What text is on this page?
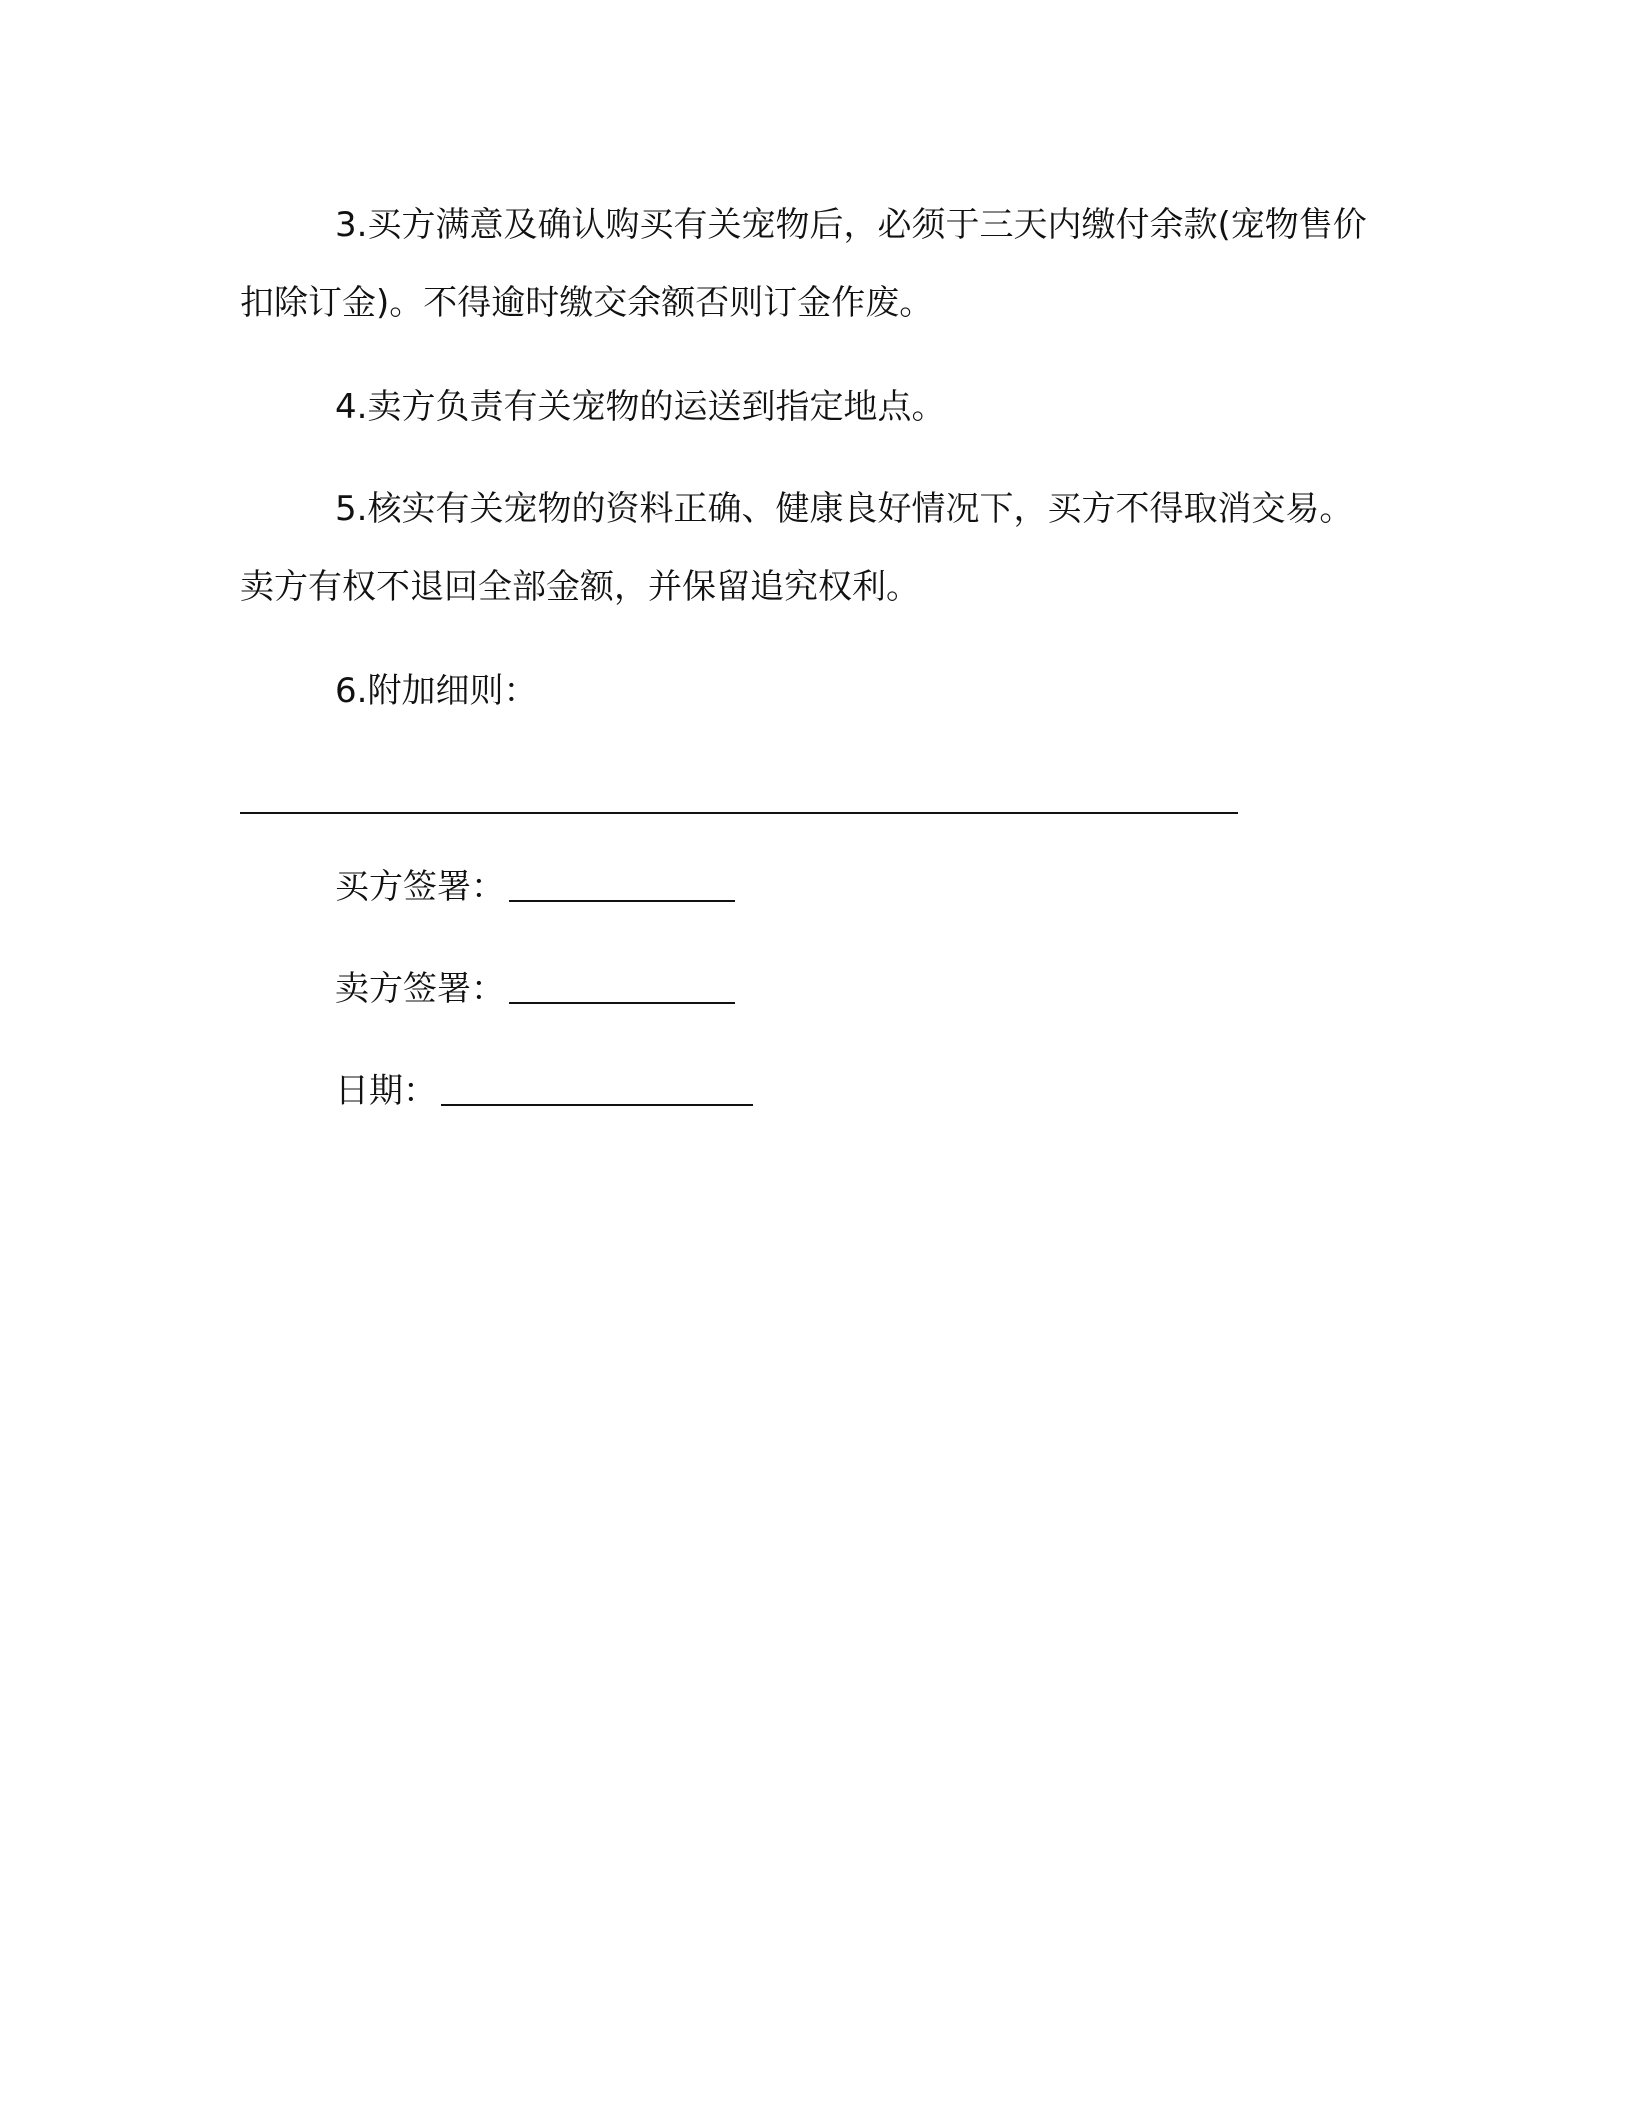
3.买方满意及确认购买有关宠物后，必须于三天内缴付余款(宠物售价扣除订金)。不得逾时缴交余额否则订金作废。

4.卖方负责有关宠物的运送到指定地点。

5.核实有关宠物的资料正确、健康良好情况下，买方不得取消交易。卖方有权不退回全部金额，并保留追究权利。

6.附加细则：

买方签署：
卖方签署：
日期：
